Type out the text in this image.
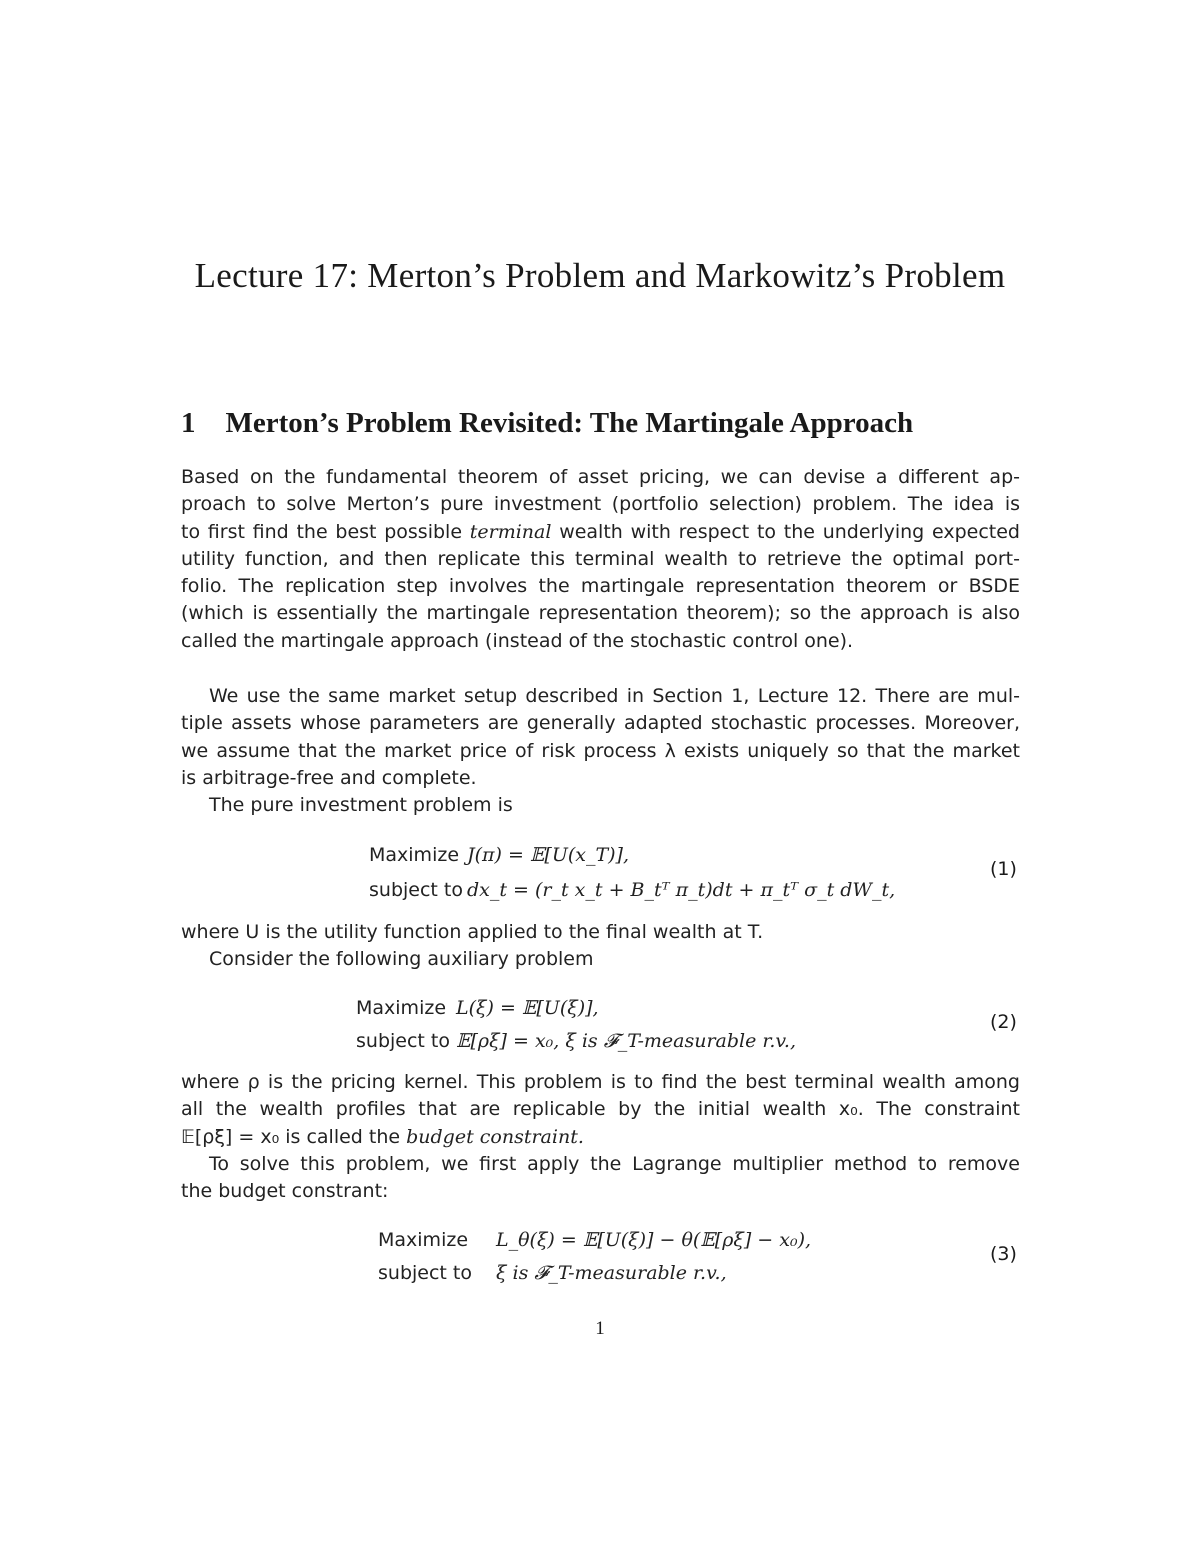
Lecture 17: Merton’s Problem and Markowitz’s Problem
1 Merton’s Problem Revisited: The Martingale Approach
Based on the fundamental theorem of asset pricing, we can devise a different ap-
proach to solve Merton’s pure investment (portfolio selection) problem. The idea is
to first find the best possible terminal wealth with respect to the underlying expected
utility function, and then replicate this terminal wealth to retrieve the optimal port-
folio. The replication step involves the martingale representation theorem or BSDE
(which is essentially the martingale representation theorem); so the approach is also
called the martingale approach (instead of the stochastic control one).
We use the same market setup described in Section 1, Lecture 12. There are mul-
tiple assets whose parameters are generally adapted stochastic processes. Moreover,
we assume that the market price of risk process λ exists uniquely so that the market
is arbitrage-free and complete.
The pure investment problem is
Maximize J(π) = 𝔼[U(x_T)],
subject to dx_t = (r_t x_t + B_tᵀ π_t)dt + π_tᵀ σ_t dW_t,
(1)
where U is the utility function applied to the final wealth at T.
Consider the following auxiliary problem
Maximize L(ξ) = 𝔼[U(ξ)],
subject to 𝔼[ρξ] = x₀, ξ is 𝓕_T-measurable r.v.,
(2)
where ρ is the pricing kernel. This problem is to find the best terminal wealth among
all the wealth profiles that are replicable by the initial wealth x₀. The constraint
𝔼[ρξ] = x₀ is called the budget constraint.
To solve this problem, we first apply the Lagrange multiplier method to remove
the budget constrant:
Maximize L_θ(ξ) = 𝔼[U(ξ)] − θ(𝔼[ρξ] − x₀),
subject to ξ is 𝓕_T-measurable r.v.,
(3)
1
